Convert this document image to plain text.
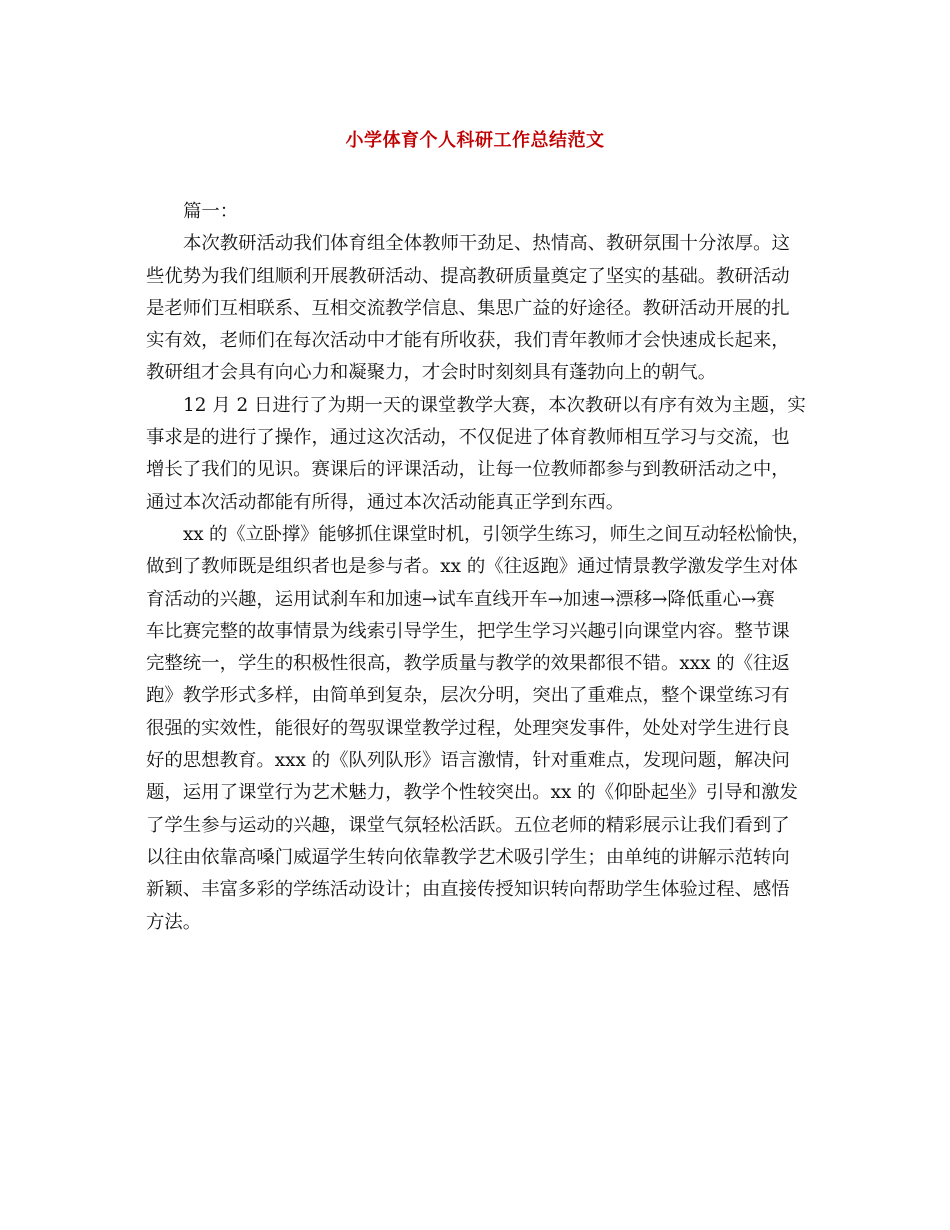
小学体育个人科研工作总结范文
篇一：
本次教研活动我们体育组全体教师干劲足、热情高、教研氛围十分浓厚。这
些优势为我们组顺利开展教研活动、提高教研质量奠定了坚实的基础。教研活动
是老师们互相联系、互相交流教学信息、集思广益的好途径。教研活动开展的扎
实有效，老师们在每次活动中才能有所收获，我们青年教师才会快速成长起来，
教研组才会具有向心力和凝聚力，才会时时刻刻具有蓬勃向上的朝气。
12 月 2 日进行了为期一天的课堂教学大赛，本次教研以有序有效为主题，实
事求是的进行了操作，通过这次活动，不仅促进了体育教师相互学习与交流，也
增长了我们的见识。赛课后的评课活动，让每一位教师都参与到教研活动之中，
通过本次活动都能有所得，通过本次活动能真正学到东西。
xx 的《立卧撑》能够抓住课堂时机，引领学生练习，师生之间互动轻松愉快，
做到了教师既是组织者也是参与者。xx 的《往返跑》通过情景教学激发学生对体
育活动的兴趣，运用试刹车和加速→试车直线开车→加速→漂移→降低重心→赛
车比赛完整的故事情景为线索引导学生，把学生学习兴趣引向课堂内容。整节课
完整统一，学生的积极性很高，教学质量与教学的效果都很不错。xxx 的《往返
跑》教学形式多样，由简单到复杂，层次分明，突出了重难点，整个课堂练习有
很强的实效性，能很好的驾驭课堂教学过程，处理突发事件，处处对学生进行良
好的思想教育。xxx 的《队列队形》语言激情，针对重难点，发现问题，解决问
题，运用了课堂行为艺术魅力，教学个性较突出。xx 的《仰卧起坐》引导和激发
了学生参与运动的兴趣，课堂气氛轻松活跃。五位老师的精彩展示让我们看到了
以往由依靠高嗓门威逼学生转向依靠教学艺术吸引学生；由单纯的讲解示范转向
新颖、丰富多彩的学练活动设计；由直接传授知识转向帮助学生体验过程、感悟
方法。
